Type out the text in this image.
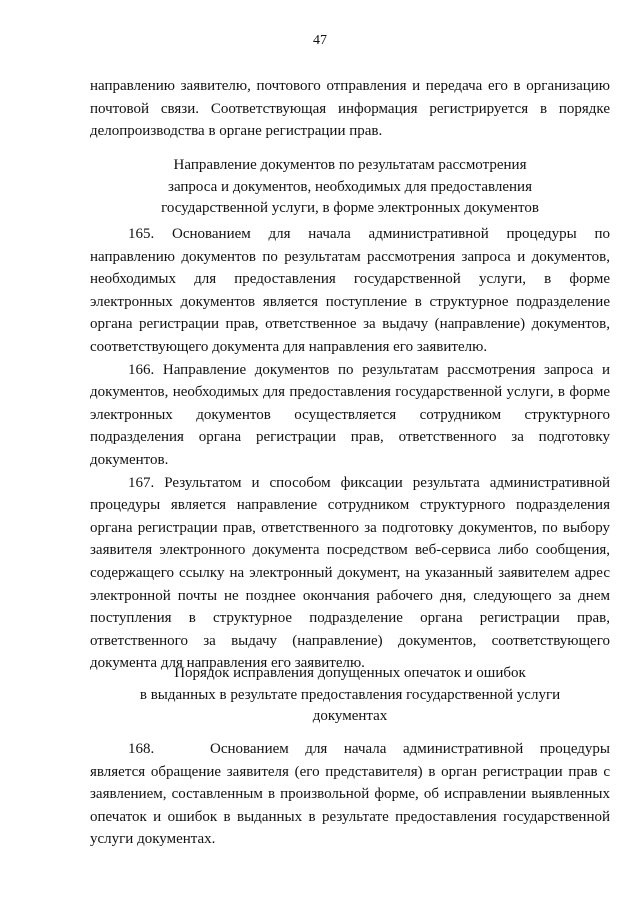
47

направлению заявителю, почтового отправления и передача его в организацию почтовой связи. Соответствующая информация регистрируется в порядке делопроизводства в органе регистрации прав.

Направление документов по результатам рассмотрения
запроса и документов, необходимых для предоставления
государственной услуги, в форме электронных документов

165. Основанием для начала административной процедуры по направлению документов по результатам рассмотрения запроса и документов, необходимых для предоставления государственной услуги, в форме электронных документов является поступление в структурное подразделение органа регистрации прав, ответственное за выдачу (направление) документов, соответствующего документа для направления его заявителю.

166. Направление документов по результатам рассмотрения запроса и документов, необходимых для предоставления государственной услуги, в форме электронных документов осуществляется сотрудником структурного подразделения органа регистрации прав, ответственного за подготовку документов.

167. Результатом и способом фиксации результата административной процедуры является направление сотрудником структурного подразделения органа регистрации прав, ответственного за подготовку документов, по выбору заявителя электронного документа посредством веб-сервиса либо сообщения, содержащего ссылку на электронный документ, на указанный заявителем адрес электронной почты не позднее окончания рабочего дня, следующего за днем поступления в структурное подразделение органа регистрации прав, ответственного за выдачу (направление) документов, соответствующего документа для направления его заявителю.

Порядок исправления допущенных опечаток и ошибок
в выданных в результате предоставления государственной услуги
документах

168.	Основанием для начала административной процедуры является обращение заявителя (его представителя) в орган регистрации прав с заявлением, составленным в произвольной форме, об исправлении выявленных опечаток и ошибок в выданных в результате предоставления государственной услуги документах.
